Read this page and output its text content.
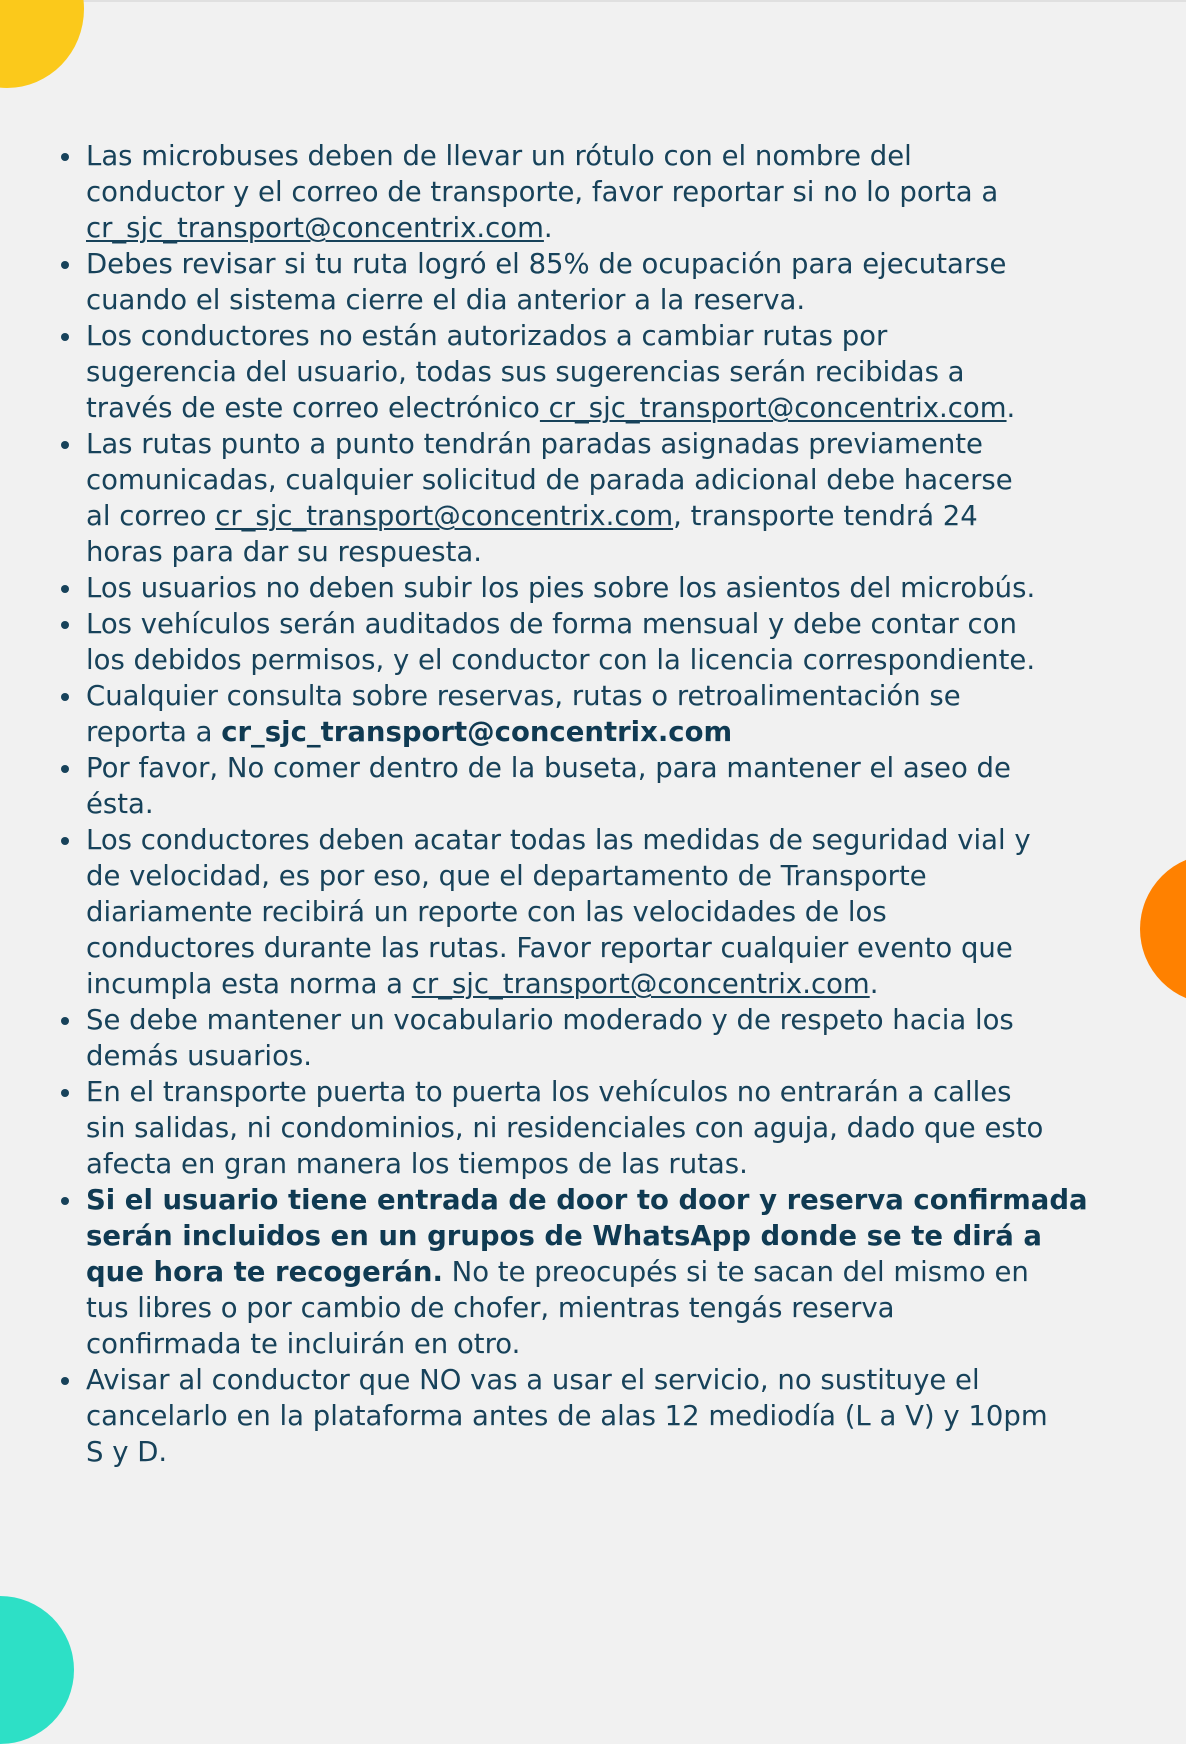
Las microbuses deben de llevar un rótulo con el nombre del
conductor y el correo de transporte, favor reportar si no lo porta a
cr_sjc_transport@concentrix.com.
Debes revisar si tu ruta logró el 85% de ocupación para ejecutarse
cuando el sistema cierre el dia anterior a la reserva.
Los conductores no están autorizados a cambiar rutas por
sugerencia del usuario, todas sus sugerencias serán recibidas a
través de este correo electrónico cr_sjc_transport@concentrix.com.
Las rutas punto a punto tendrán paradas asignadas previamente
comunicadas, cualquier solicitud de parada adicional debe hacerse
al correo cr_sjc_transport@concentrix.com, transporte tendrá 24
horas para dar su respuesta.
Los usuarios no deben subir los pies sobre los asientos del microbús.
Los vehículos serán auditados de forma mensual y debe contar con
los debidos permisos, y el conductor con la licencia correspondiente.
Cualquier consulta sobre reservas, rutas o retroalimentación se
reporta a cr_sjc_transport@concentrix.com
Por favor, No comer dentro de la buseta, para mantener el aseo de
ésta.
Los conductores deben acatar todas las medidas de seguridad vial y
de velocidad, es por eso, que el departamento de Transporte
diariamente recibirá un reporte con las velocidades de los
conductores durante las rutas. Favor reportar cualquier evento que
incumpla esta norma a cr_sjc_transport@concentrix.com.
Se debe mantener un vocabulario moderado y de respeto hacia los
demás usuarios.
En el transporte puerta to puerta los vehículos no entrarán a calles
sin salidas, ni condominios, ni residenciales con aguja, dado que esto
afecta en gran manera los tiempos de las rutas.
Si el usuario tiene entrada de door to door y reserva confirmada
serán incluidos en un grupos de WhatsApp donde se te dirá a
que hora te recogerán. No te preocupés si te sacan del mismo en
tus libres o por cambio de chofer, mientras tengás reserva
confirmada te incluirán en otro.
Avisar al conductor que NO vas a usar el servicio, no sustituye el
cancelarlo en la plataforma antes de alas 12 mediodía (L a V) y 10pm
S y D.
